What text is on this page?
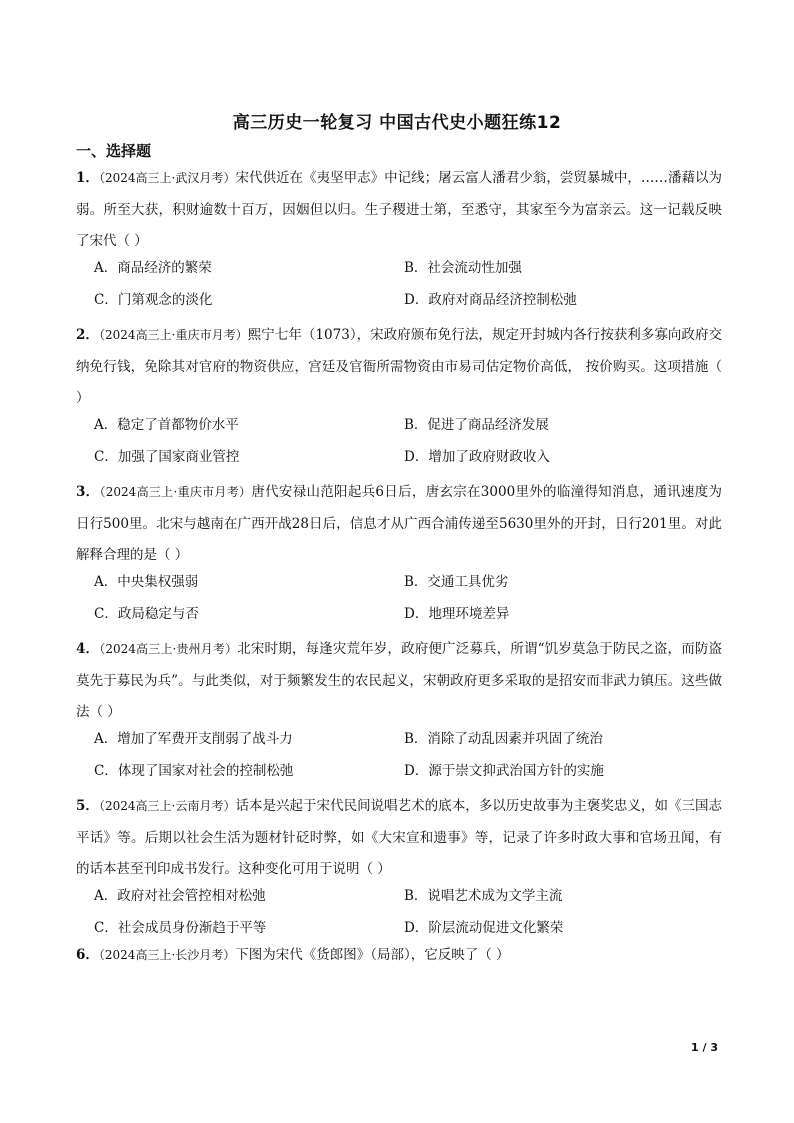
高三历史一轮复习 中国古代史小题狂练12
一、选择题
1．（2024高三上·武汉月考）宋代供近在《夷坚甲志》中记线；屠云富人潘君少翁，尝贸暴城中，……潘藉以为弱。所至大获，积财逾数十百万，因姻但以归。生子稷进士第，至悉守，其家至今为富亲云。这一记载反映了宋代（ ）
A．商品经济的繁荣	B．社会流动性加强
C．门第观念的淡化	D．政府对商品经济控制松弛
2．（2024高三上·重庆市月考）熙宁七年（1073），宋政府颁布免行法，规定开封城内各行按获利多寡向政府交纳免行钱，免除其对官府的物资供应，宫廷及官衙所需物资由市易司估定物价高低， 按价购买。这项措施（ ）
A．稳定了首都物价水平	B．促进了商品经济发展
C．加强了国家商业管控	D．增加了政府财政收入
3．（2024高三上·重庆市月考）唐代安禄山范阳起兵6日后，唐玄宗在3000里外的临潼得知消息，通讯速度为日行500里。北宋与越南在广西开战28日后，信息才从广西合浦传递至5630里外的开封，日行201里。对此解释合理的是（ ）
A．中央集权强弱	B．交通工具优劣
C．政局稳定与否	D．地理环境差异
4．（2024高三上·贵州月考）北宋时期，每逢灾荒年岁，政府便广泛募兵，所谓“饥岁莫急于防民之盗，而防盗莫先于募民为兵”。与此类似，对于频繁发生的农民起义，宋朝政府更多采取的是招安而非武力镇压。这些做法（ ）
A．增加了军费开支削弱了战斗力	B．消除了动乱因素并巩固了统治
C．体现了国家对社会的控制松弛	D．源于崇文抑武治国方针的实施
5．（2024高三上·云南月考）话本是兴起于宋代民间说唱艺术的底本，多以历史故事为主褒奖忠义，如《三国志平话》等。后期以社会生活为题材针砭时弊，如《大宋宣和遗事》等，记录了许多时政大事和官场丑闻，有的话本甚至刊印成书发行。这种变化可用于说明（ ）
A．政府对社会管控相对松弛	B．说唱艺术成为文学主流
C．社会成员身份渐趋于平等	D．阶层流动促进文化繁荣
6．（2024高三上·长沙月考）下图为宋代《货郎图》（局部），它反映了（ ）
1 / 3
